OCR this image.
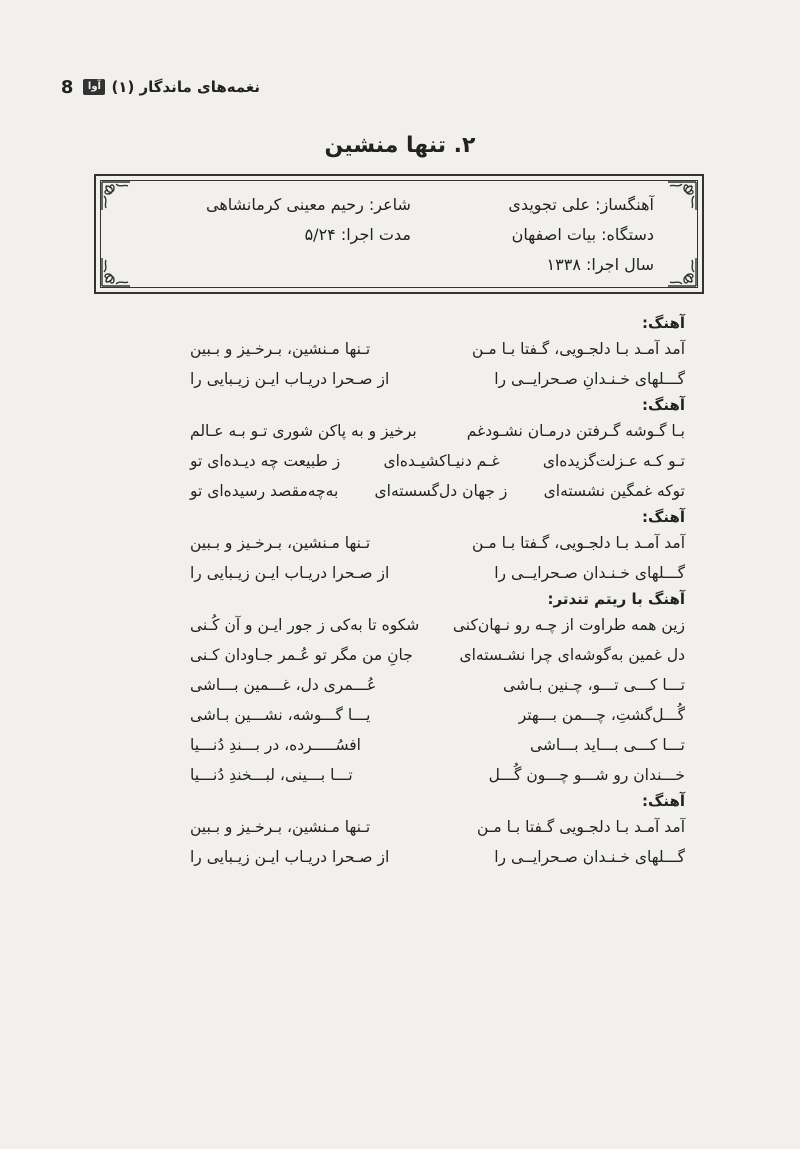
نغمه‌های ماندگار (۱)
آوا
8
۲. تنها منشین
آهنگساز: علی تجویدی
دستگاه: بیات اصفهان
سال اجرا: ۱۳۳۸
شاعر: رحیم معینی کرمانشاهی
مدت اجرا: ۵/۲۴
آهنگ:
آمد آمـد بـا دلجـویی، گـفتا بـا مـن
تـنها مـنشین، بـرخـیز و بـبین
گـــلهای خـنـدانِ صـحرایــی را
از صـحرا دریـاب ایـن زیـبایی را
آهنگ:
بـا گـوشه گـرفتن درمـان نشـودغم
برخیز و به پاکن شوری تـو بـه عـالم
تـو کـه عـزلت‌گزیده‌ای
غـم دنیـاکشیـده‌ای
ز طبیعت چه دیـده‌ای تو
توکه غمگین نشسته‌ای
ز جهان دل‌گسسته‌ای
به‌چه‌مقصد رسیده‌ای تو
آهنگ:
آمد آمـد بـا دلجـویی، گـفتا بـا مـن
تـنها مـنشین، بـرخـیز و بـبین
گـــلهای خـنـدان صـحرایــی را
از صـحرا دریـاب ایـن زیـبایی را
آهنگ با ریتم تندتر:
زین همه طراوت از چـه رو نـهان‌کنی
شکوه تا به‌کی ز جور ایـن و آن کُـنی
دل غمین به‌گوشه‌ای چرا نشـسته‌ای
جانِ من مگر تو عُـمر جـاودان کـنی
تـــا کـــی تـــو، چـنین بـاشی
عُـــمری دل، غـــمین بـــاشی
گُـــل‌گشتِ، چـــمن بـــهتر
یـــا گـــوشه، نشـــین بـاشی
تـــا کـــی بـــاید بـــاشی
افسُـــــرده، در بـــندِ دُنـــیا
خـــندان رو شـــو چـــون گُـــل
تـــا بـــینی، لبـــخندِ دُنـــیا
آهنگ:
آمد آمـد بـا دلجـویی گـفتا بـا مـن
تـنها مـنشین، بـرخـیز و بـبین
گـــلهای خـنـدان صـحرایــی را
از صـحرا دریـاب ایـن زیـبایی را
